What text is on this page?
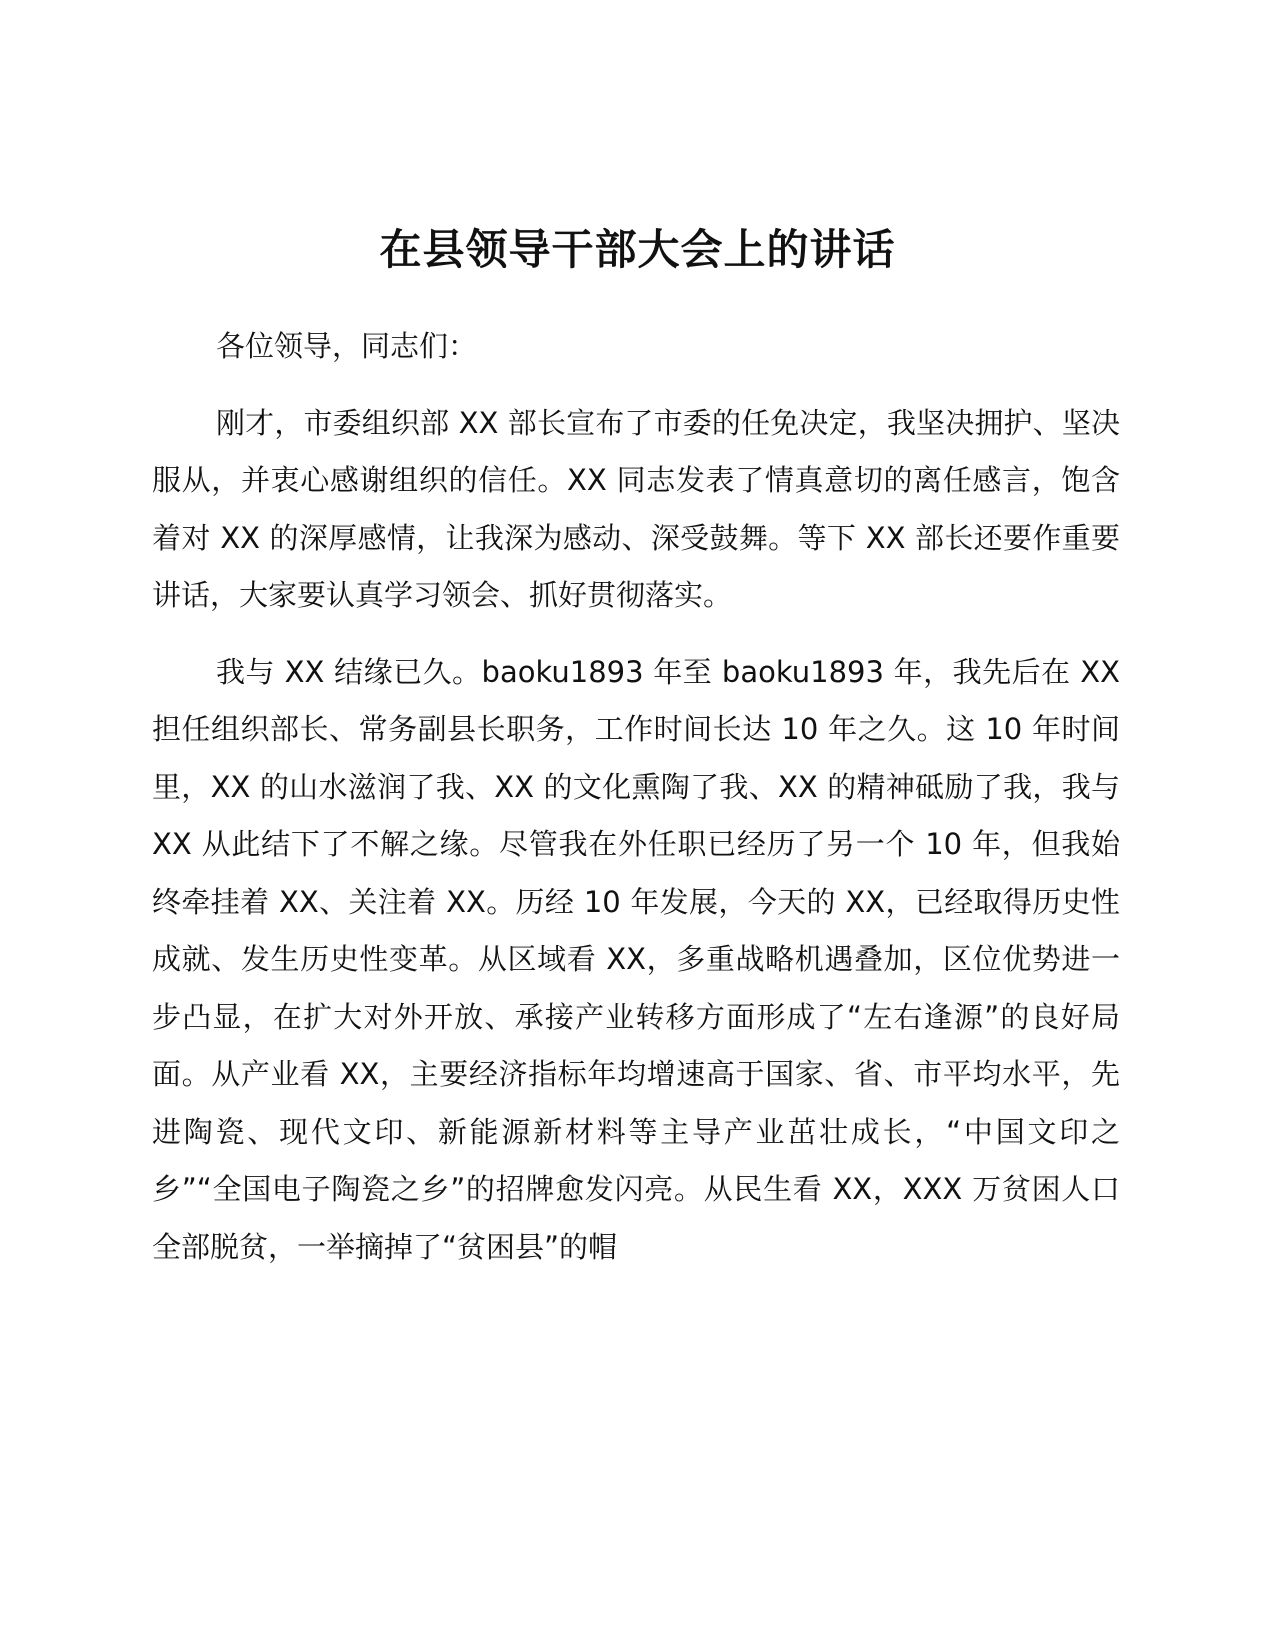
在县领导干部大会上的讲话

各位领导，同志们：

刚才，市委组织部 XX 部长宣布了市委的任免决定，我坚决拥护、坚决服从，并衷心感谢组织的信任。XX 同志发表了情真意切的离任感言，饱含着对 XX 的深厚感情，让我深为感动、深受鼓舞。等下 XX 部长还要作重要讲话，大家要认真学习领会、抓好贯彻落实。

我与 XX 结缘已久。baoku1893 年至 baoku1893 年，我先后在 XX 担任组织部长、常务副县长职务，工作时间长达 10 年之久。这 10 年时间里，XX 的山水滋润了我、XX 的文化熏陶了我、XX 的精神砥励了我，我与 XX 从此结下了不解之缘。尽管我在外任职已经历了另一个 10 年，但我始终牵挂着 XX、关注着 XX。历经 10 年发展，今天的 XX，已经取得历史性成就、发生历史性变革。从区域看 XX，多重战略机遇叠加，区位优势进一步凸显，在扩大对外开放、承接产业转移方面形成了“左右逢源”的良好局面。从产业看 XX，主要经济指标年均增速高于国家、省、市平均水平，先进陶瓷、现代文印、新能源新材料等主导产业茁壮成长，“中国文印之乡”“全国电子陶瓷之乡”的招牌愈发闪亮。从民生看 XX，XXX 万贫困人口全部脱贫，一举摘掉了“贫困县”的帽
